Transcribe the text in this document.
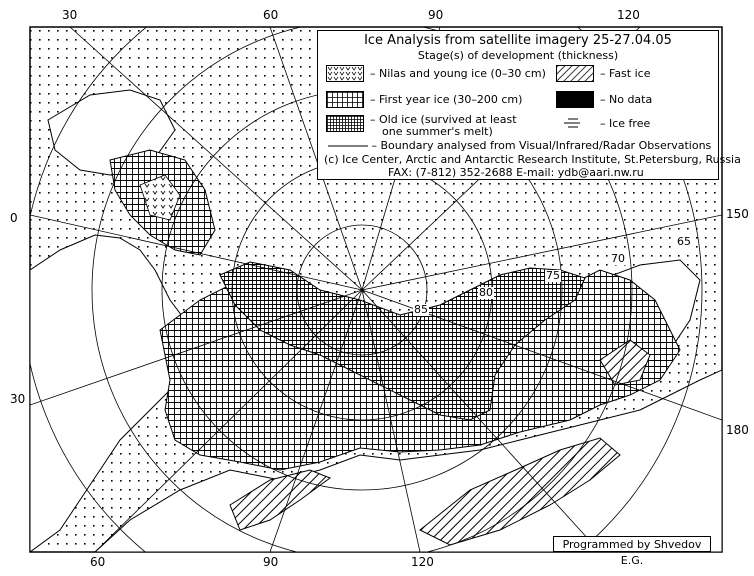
30	60	90	120
60	90	120
0
30
150
180
85
80
75
70
65
Ice Analysis from satellite imagery 25-27.04.05
Stage(s) of development (thickness)
– Nilas and young ice (0–30 cm)
– First year ice (30–200 cm)
– Old ice (survived at least
one summer's melt)
– Fast ice
– No data
– Ice free
– Boundary analysed from Visual/Infrared/Radar Observations
(c) Ice Center, Arctic and Antarctic Research Institute, St.Petersburg, Russia
FAX: (7-812) 352-2688 E-mail: ydb@aari.nw.ru
Programmed by Shvedov E.G.
